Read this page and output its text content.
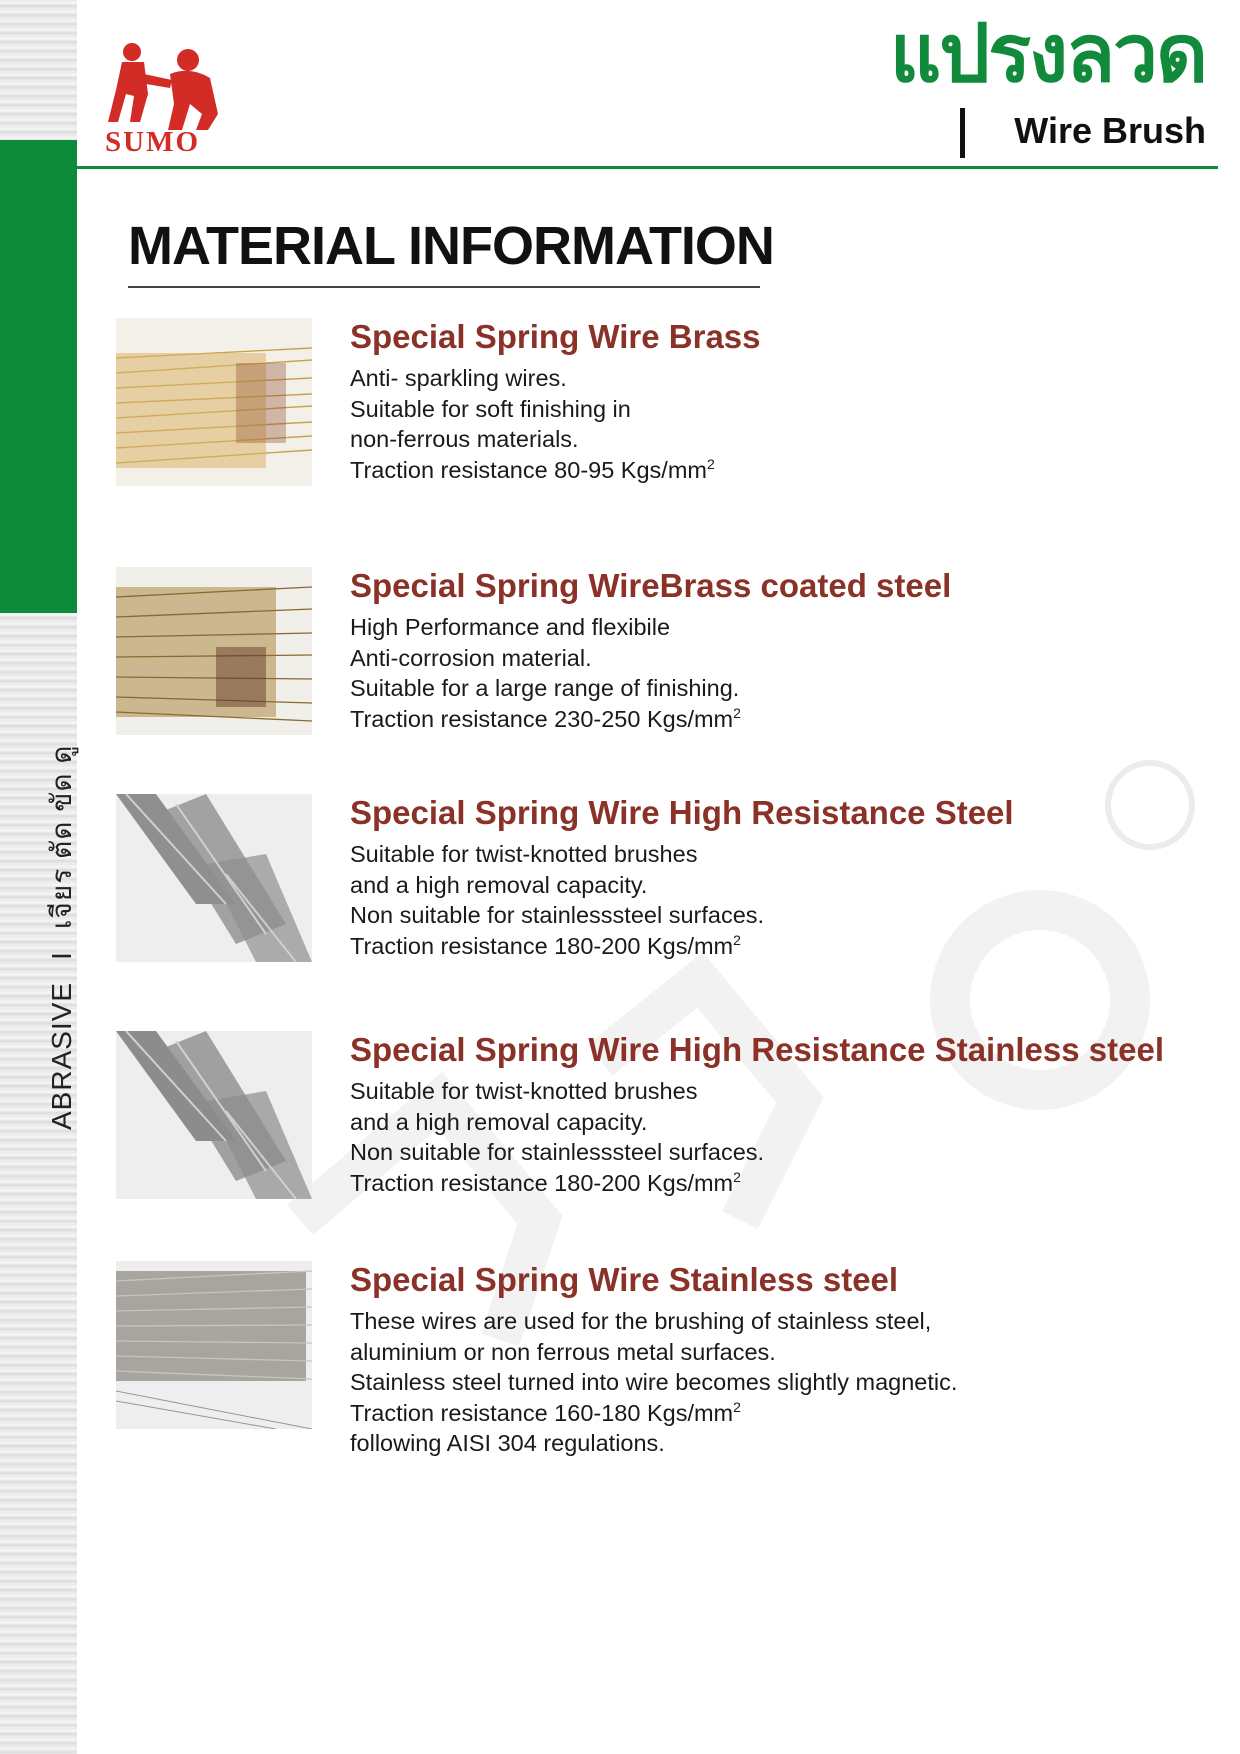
ABRASIVE
I
เจียร ตัด ขัด ดู
SUMO
แปรงลวด
Wire Brush
MATERIAL INFORMATION
Special Spring Wire Brass
Anti- sparkling wires.
Suitable for soft finishing in
non-ferrous materials.
Traction resistance 80-95 Kgs/$mm^2$
Special Spring WireBrass coated steel
High Performance and flexibile
Anti-corrosion material.
Suitable for a large range of finishing.
Traction resistance 230-250 Kgs/$mm^2$
Special Spring Wire High Resistance Steel
Suitable for twist-knotted brushes
and a high removal capacity.
Non suitable for stainlesssteel surfaces.
Traction resistance 180-200 Kgs/$mm^2$
Special Spring Wire High Resistance Stainless steel
Suitable for twist-knotted brushes
and a high removal capacity.
Non suitable for stainlesssteel surfaces.
Traction resistance 180-200 Kgs/$mm^2$
Special Spring Wire Stainless steel
These wires are used for the brushing of stainless steel,
aluminium or non ferrous metal surfaces.
Stainless steel turned into wire becomes slightly magnetic.
Traction resistance 160-180 Kgs/$mm^2$
following AISI 304 regulations.
